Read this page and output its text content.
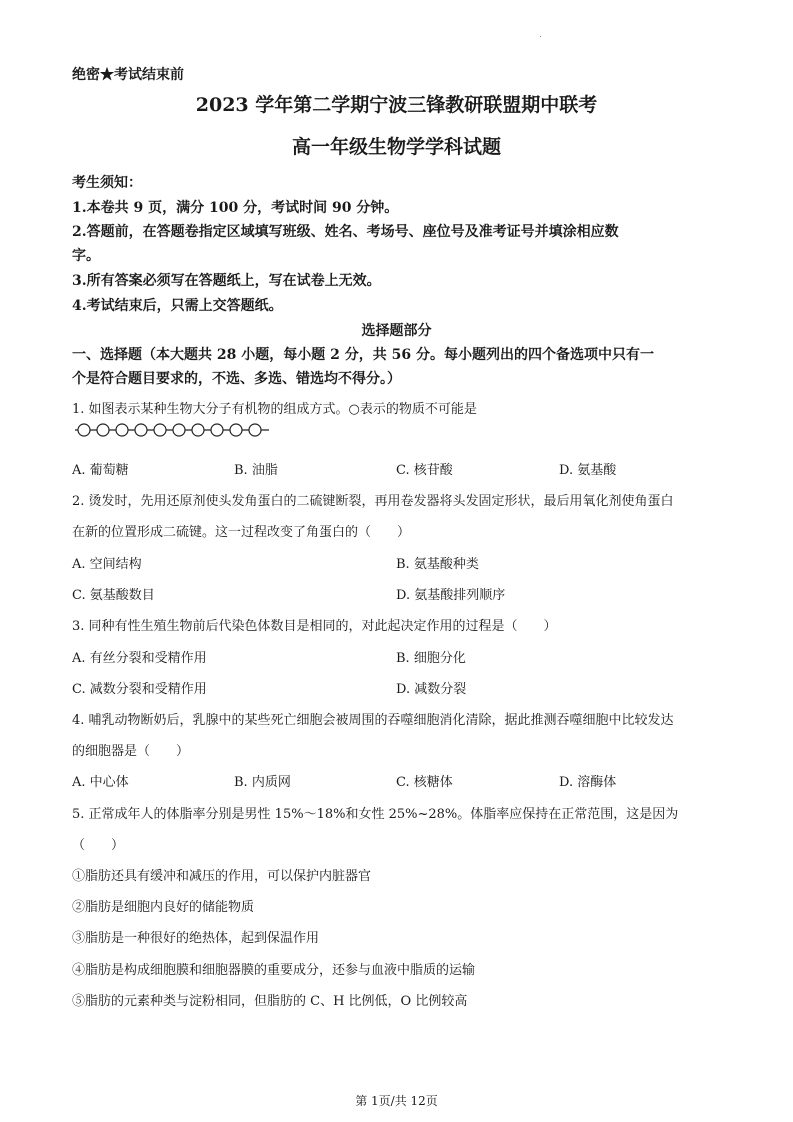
绝密★考试结束前
2023 学年第二学期宁波三锋教研联盟期中联考
高一年级生物学学科试题
考生须知：
1.本卷共 9 页，满分 100 分，考试时间 90 分钟。
2.答题前，在答题卷指定区域填写班级、姓名、考场号、座位号及准考证号并填涂相应数
字。
3.所有答案必须写在答题纸上，写在试卷上无效。
4.考试结束后，只需上交答题纸。
选择题部分
一、选择题（本大题共 28 小题，每小题 2 分，共 56 分。每小题列出的四个备选项中只有一
个是符合题目要求的，不选、多选、错选均不得分。）
1. 如图表示某种生物大分子有机物的组成方式。○表示的物质不可能是
A. 葡萄糖	B. 油脂	C. 核苷酸	D. 氨基酸
2. 烫发时，先用还原剂使头发角蛋白的二硫键断裂，再用卷发器将头发固定形状，最后用氧化剂使角蛋白
在新的位置形成二硫键。这一过程改变了角蛋白的（　　）
A. 空间结构	B. 氨基酸种类
C. 氨基酸数目	D. 氨基酸排列顺序
3. 同种有性生殖生物前后代染色体数目是相同的，对此起决定作用的过程是（　　）
A. 有丝分裂和受精作用	B. 细胞分化
C. 减数分裂和受精作用	D. 减数分裂
4. 哺乳动物断奶后，乳腺中的某些死亡细胞会被周围的吞噬细胞消化清除，据此推测吞噬细胞中比较发达
的细胞器是（　　）
A. 中心体	B. 内质网	C. 核糖体	D. 溶酶体
5. 正常成年人的体脂率分别是男性 15%～18%和女性 25%~28%。体脂率应保持在正常范围，这是因为
（　　）
①脂肪还具有缓冲和减压的作用，可以保护内脏器官
②脂肪是细胞内良好的储能物质
③脂肪是一种很好的绝热体，起到保温作用
④脂肪是构成细胞膜和细胞器膜的重要成分，还参与血液中脂质的运输
⑤脂肪的元素种类与淀粉相同，但脂肪的 C、H 比例低，O 比例较高
第 1页/共 12页
